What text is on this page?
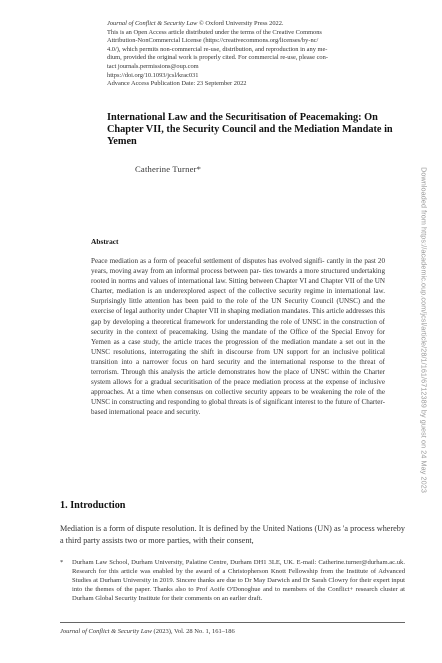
Journal of Conflict & Security Law © Oxford University Press 2022.
This is an Open Access article distributed under the terms of the Creative Commons
Attribution-NonCommercial License (https://creativecommons.org/licenses/by-nc/
4.0/), which permits non-commercial re-use, distribution, and reproduction in any me-
dium, provided the original work is properly cited. For commercial re-use, please con-
tact journals.permissions@oup.com
https://doi.org/10.1093/jcsl/krac031
Advance Access Publication Date: 23 September 2022
International Law and the Securitisation of Peacemaking: On Chapter VII, the Security Council and the Mediation Mandate in Yemen
Catherine Turner*
Abstract

Peace mediation as a form of peaceful settlement of disputes has evolved signifi- cantly in the past 20 years, moving away from an informal process between par- ties towards a more structured undertaking rooted in norms and values of international law. Sitting between Chapter VI and Chapter VII of the UN Charter, mediation is an underexplored aspect of the collective security regime in international law. Surprisingly little attention has been paid to the role of the UN Security Council (UNSC) and the exercise of legal authority under Chapter VII in shaping mediation mandates. This article addresses this gap by developing a theoretical framework for understanding the role of UNSC in the construction of security in the context of peacemaking. Using the mandate of the Office of the Special Envoy for Yemen as a case study, the article traces the progression of the mediation mandate a set out in the UNSC resolutions, interrogating the shift in discourse from UN support for an inclusive political transition into a narrower focus on hard security and the international response to the threat of terrorism. Through this analysis the article demonstrates how the place of UNSC within the Charter system allows for a gradual securitisation of the peace mediation process at the expense of inclusive approaches. At a time when consensus on collective security appears to be weakening the role of the UNSC in constructing and responding to global threats is of significant interest to the future of Charter- based international peace and security.

1. Introduction

Mediation is a form of dispute resolution. It is defined by the United Nations (UN) as 'a process whereby a third party assists two or more parties, with their consent,

* Durham Law School, Durham University, Palatine Centre, Durham DH1 3LE, UK. E-mail: Catherine.turner@durham.ac.uk. Research for this article was enabled by the award of a Christopherson Knott Fellowship from the Institute of Advanced Studies at Durham University in 2019. Sincere thanks are due to Dr May Darwich and Dr Sarah Clowry for their expert input into the themes of the paper. Thanks also to Prof Aoife O'Donoghue and to members of the Conflict+ research cluster at Durham Global Security Institute for their comments on an earlier draft.

Journal of Conflict & Security Law (2023), Vol. 28 No. 1, 161–186
Downloaded from https://academic.oup.com/jcsl/article/28/1/161/6712389 by guest on 24 May 2023
